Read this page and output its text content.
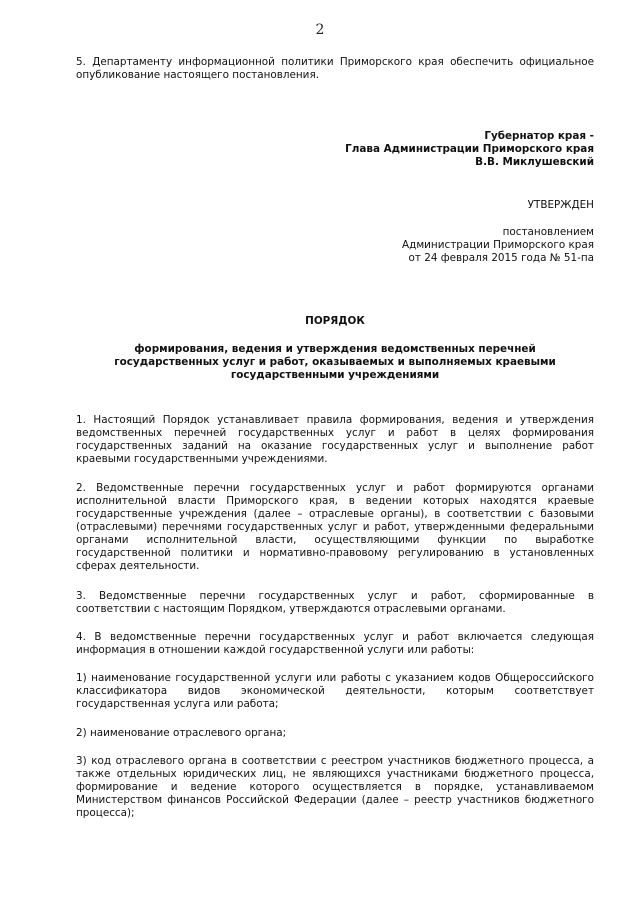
2
5. Департаменту информационной политики Приморского края обеспечить официальное
опубликование настоящего постановления.
Губернатор края -
Глава Администрации Приморского края
В.В. Миклушевский
УТВЕРЖДЕН
постановлением
Администрации Приморского края
от 24 февраля 2015 года № 51-па
ПОРЯДОК
формирования, ведения и утверждения ведомственных перечней
государственных услуг и работ, оказываемых и выполняемых краевыми
государственными учреждениями
1. Настоящий Порядок устанавливает правила формирования, ведения и утверждения
ведомственных перечней государственных услуг и работ в целях формирования
государственных заданий на оказание государственных услуг и выполнение работ
краевыми государственными учреждениями.
2. Ведомственные перечни государственных услуг и работ формируются органами
исполнительной власти Приморского края, в ведении которых находятся краевые
государственные учреждения (далее – отраслевые органы), в соответствии с базовыми
(отраслевыми) перечнями государственных услуг и работ, утвержденными федеральными
органами исполнительной власти, осуществляющими функции по выработке
государственной политики и нормативно-правовому регулированию в установленных
сферах деятельности.
3. Ведомственные перечни государственных услуг и работ, сформированные в
соответствии с настоящим Порядком, утверждаются отраслевыми органами.
4. В ведомственные перечни государственных услуг и работ включается следующая
информация в отношении каждой государственной услуги или работы:
1) наименование государственной услуги или работы с указанием кодов Общероссийского
классификатора видов экономической деятельности, которым соответствует
государственная услуга или работа;
2) наименование отраслевого органа;
3) код отраслевого органа в соответствии с реестром участников бюджетного процесса, а
также отдельных юридических лиц, не являющихся участниками бюджетного процесса,
формирование и ведение которого осуществляется в порядке, устанавливаемом
Министерством финансов Российской Федерации (далее – реестр участников бюджетного
процесса);
